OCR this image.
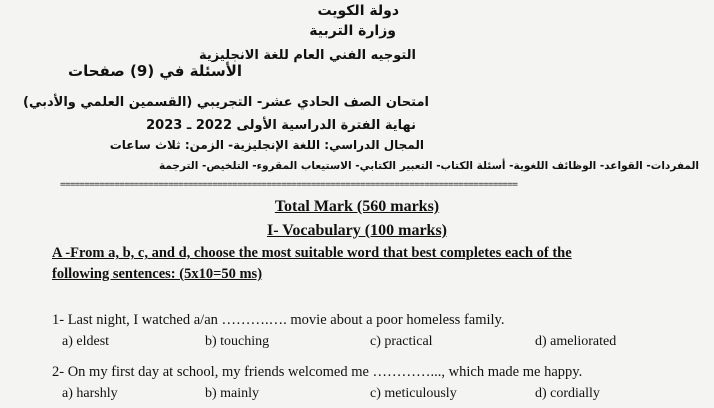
دولة الكويت
وزارة التربية
التوجيه الفني العام للغة الانجليزية
الأسئلة في (9) صفحات
امتحان الصف الحادي عشر- التجريبي (القسمين العلمي والأدبي)
نهاية الفترة الدراسية الأولى 2022 ـ 2023
المجال الدراسي: اللغة الإنجليزية- الزمن: ثلاث ساعات
المفردات- القواعد- الوظائف اللغوية- أسئلة الكتاب- التعبير الكتابي- الاستيعاب المقروء- التلخيص- الترجمة
=============================================================================================
Total Mark (560 marks)
I- Vocabulary (100 marks)
A -From a, b, c, and d, choose the most suitable word that best completes each of the
following sentences: (5x10=50 ms)
1- Last night, I watched a/an ……….…. movie about a poor homeless family.
a) eldest	b) touching	c) practical	d) ameliorated
2- On my first day at school, my friends welcomed me …………..., which made me happy.
a) harshly	b) mainly	c) meticulously	d) cordially
